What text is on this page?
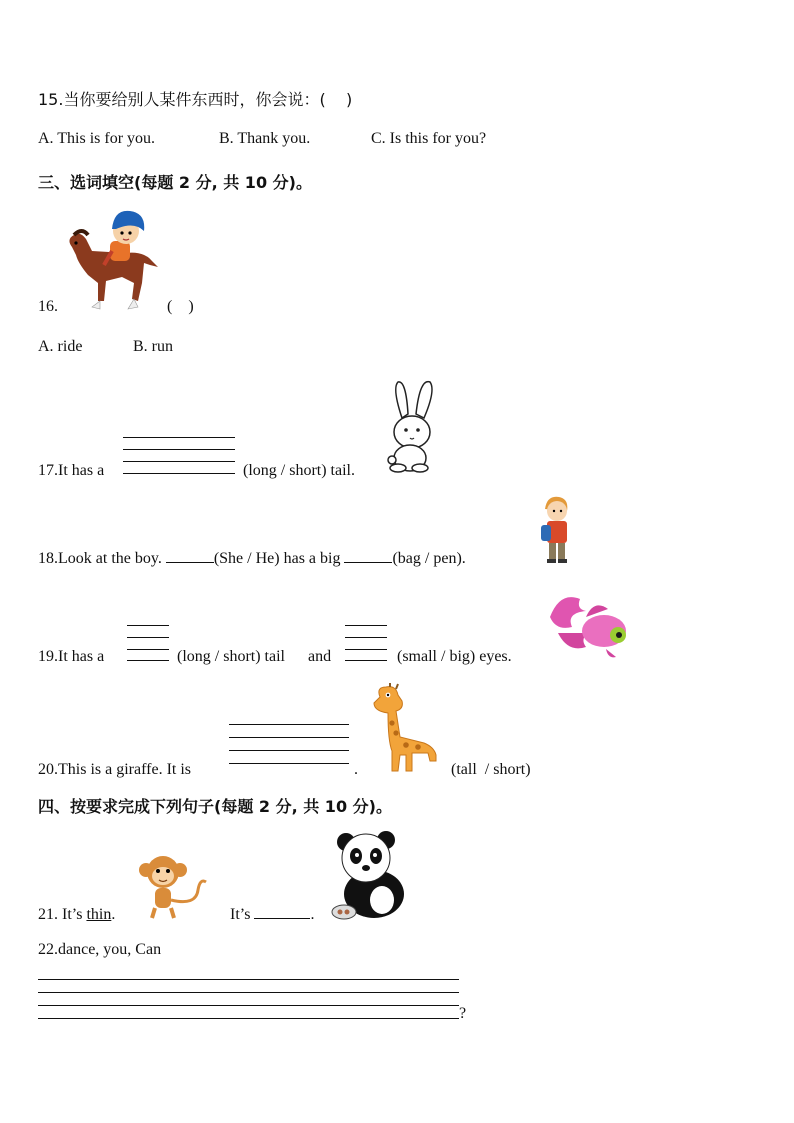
15.当你要给别人某件东西时，你会说：(    )
A. This is for you.	B. Thank you.	C. Is this for you?
三、选词填空(每题 2 分, 共 10 分)。
16.	(    )
A. ride	B. run
17.It has a	(long / short) tail.
18.Look at the boy.	(She / He) has a big	(bag / pen).
19.It has a	(long / short) tail and	(small / big) eyes.
20.This is a giraffe. It is	.	(tall  / short)
四、按要求完成下列句子(每题 2 分, 共 10 分)。
21. It’s thin.	It’s	.
22.dance, you, Can
?
